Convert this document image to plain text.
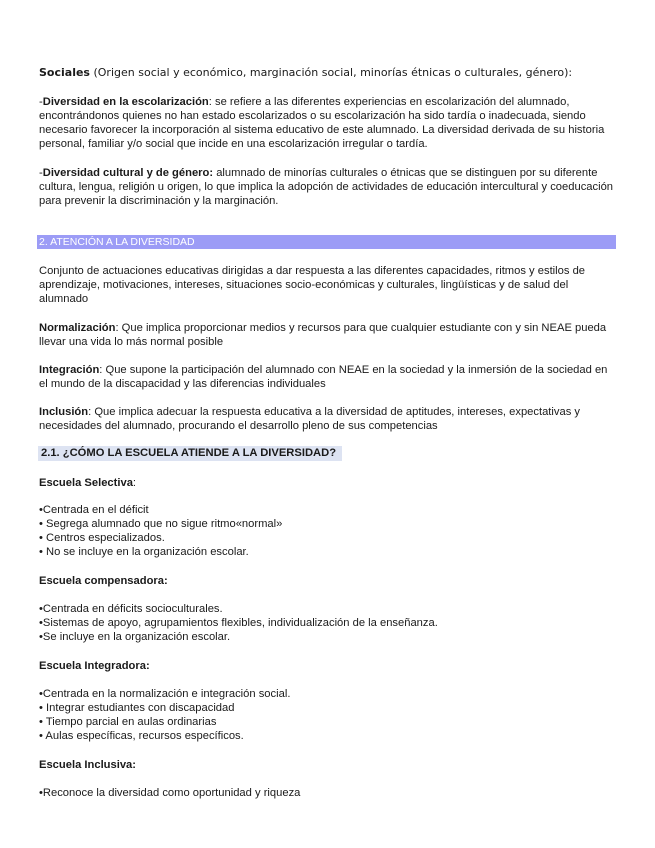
Sociales (Origen social y económico, marginación social, minorías étnicas o culturales, género):

-Diversidad en la escolarización: se refiere a las diferentes experiencias en escolarización del alumnado, encontrándonos quienes no han estado escolarizados o su escolarización ha sido tardía o inadecuada, siendo necesario favorecer la incorporación al sistema educativo de este alumnado. La diversidad derivada de su historia personal, familiar y/o social que incide en una escolarización irregular o tardía.

-Diversidad cultural y de género: alumnado de minorías culturales o étnicas que se distinguen por su diferente cultura, lengua, religión u origen, lo que implica la adopción de actividades de educación intercultural y coeducación para prevenir la discriminación y la marginación.

2. ATENCIÓN A LA DIVERSIDAD

Conjunto de actuaciones educativas dirigidas a dar respuesta a las diferentes capacidades, ritmos y estilos de aprendizaje, motivaciones, intereses, situaciones socio-económicas y culturales, lingüísticas y de salud del alumnado

Normalización: Que implica proporcionar medios y recursos para que cualquier estudiante con y sin NEAE pueda llevar una vida lo más normal posible

Integración: Que supone la participación del alumnado con NEAE en la sociedad y la inmersión de la sociedad en el mundo de la discapacidad y las diferencias individuales

Inclusión: Que implica adecuar la respuesta educativa a la diversidad de aptitudes, intereses, expectativas y necesidades del alumnado, procurando el desarrollo pleno de sus competencias

2.1. ¿CÓMO LA ESCUELA ATIENDE A LA DIVERSIDAD?

Escuela Selectiva:

•Centrada en el déficit
• Segrega alumnado que no sigue ritmo«normal»
• Centros especializados.
• No se incluye en la organización escolar.

Escuela compensadora:

•Centrada en déficits socioculturales.
•Sistemas de apoyo, agrupamientos flexibles, individualización de la enseñanza.
•Se incluye en la organización escolar.

Escuela Integradora:

•Centrada en la normalización e integración social.
• Integrar estudiantes con discapacidad
• Tiempo parcial en aulas ordinarias
• Aulas específicas, recursos específicos.

Escuela Inclusiva:

•Reconoce la diversidad como oportunidad y riqueza
